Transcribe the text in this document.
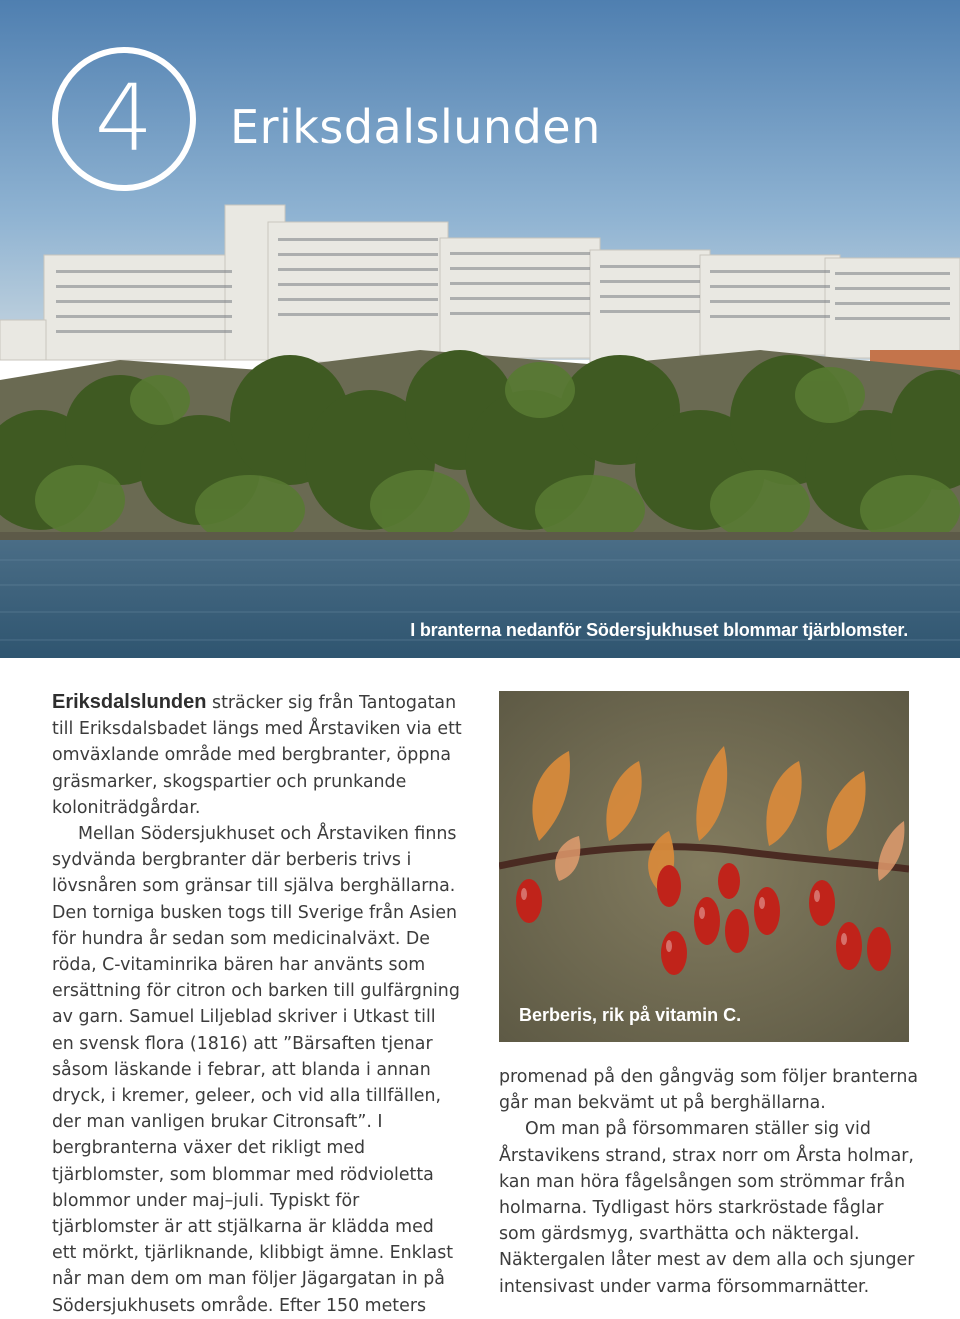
4 Eriksdalslunden
I branterna nedanför Södersjukhuset blommar tjärblomster.

Eriksdalslunden sträcker sig från Tantogatan till Eriksdalsbadet längs med Årstaviken via ett omväxlande område med bergbranter, öppna gräsmarker, skogspartier och prunkande koloniträdgårdar.

Mellan Södersjukhuset och Årstaviken finns sydvända bergbranter där berberis trivs i lövsnåren som gränsar till själva berghällarna. Den torniga busken togs till Sverige från Asien för hundra år sedan som medicinalväxt. De röda, C-vitaminrika bären har använts som ersättning för citron och barken till gulfärgning av garn. Samuel Liljeblad skriver i Utkast till en svensk flora (1816) att ”Bärsaften tjenar såsom läskande i febrar, att blanda i annan dryck, i kremer, geleer, och vid alla tillfällen, der man vanligen brukar Citronsaft”. I bergbranterna växer det rikligt med tjärblomster, som blommar med rödvioletta blommor under maj–juli. Typiskt för tjärblomster är att stjälkarna är klädda med ett mörkt, tjärliknande, klibbigt ämne. Enklast når man dem om man följer Jägargatan in på Södersjukhusets område. Efter 150 meters

Berberis, rik på vitamin C.

promenad på den gångväg som följer branterna går man bekvämt ut på berghällarna.

Om man på försommaren ställer sig vid Årstavikens strand, strax norr om Årsta holmar, kan man höra fågelsången som strömmar från holmarna. Tydligast hörs starkröstade fåglar som gärdsmyg, svarthätta och näktergal. Näktergalen låter mest av dem alla och sjunger intensivast under varma försommarnätter.
